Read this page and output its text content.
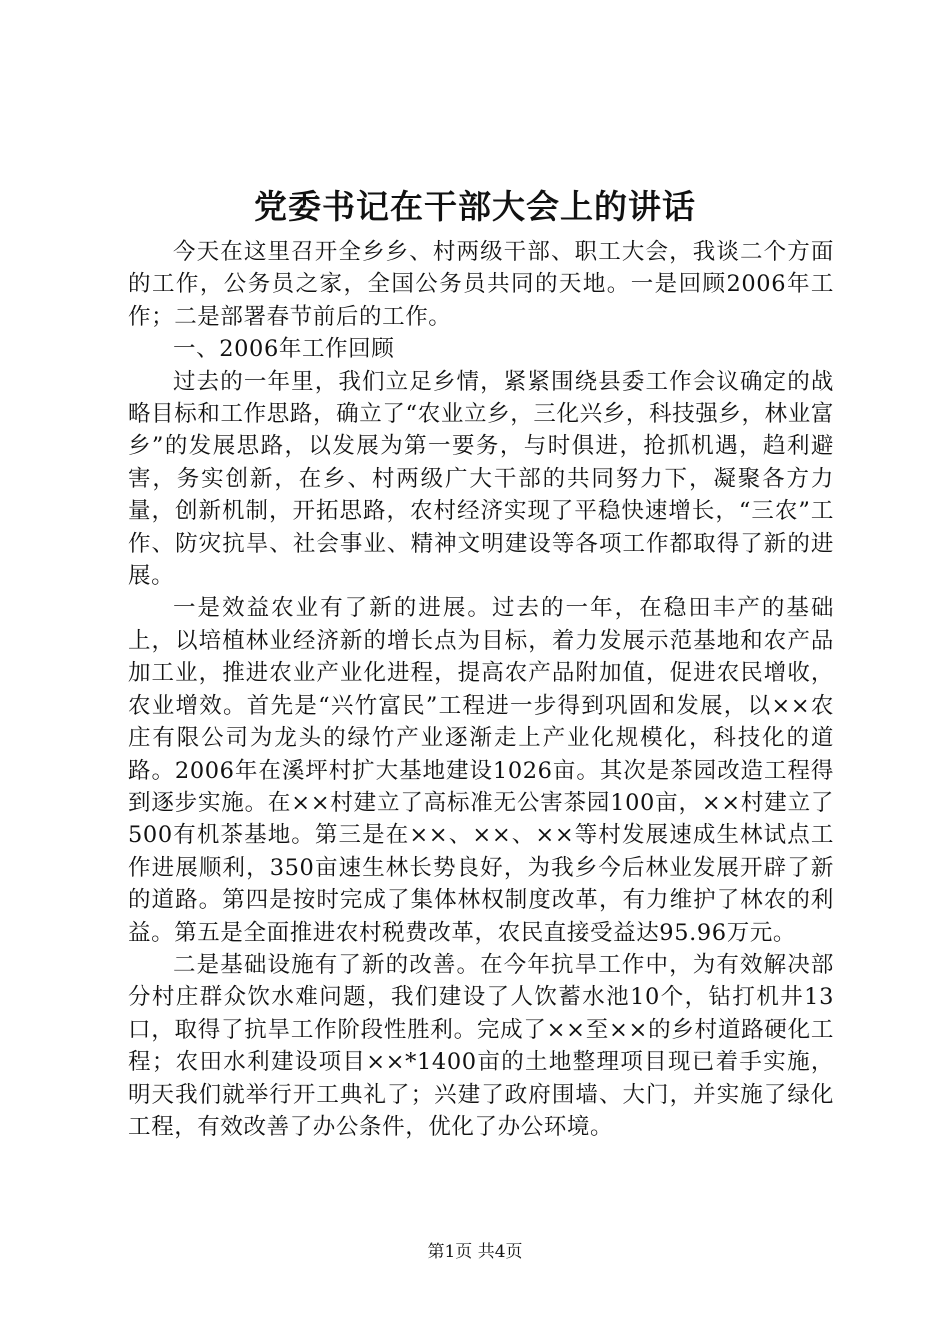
党委书记在干部大会上的讲话

今天在这里召开全乡乡、村两级干部、职工大会，我谈二个方面的工作，公务员之家，全国公务员共同的天地。一是回顾2006年工作；二是部署春节前后的工作。

一、2006年工作回顾

过去的一年里，我们立足乡情，紧紧围绕县委工作会议确定的战略目标和工作思路，确立了“农业立乡，三化兴乡，科技强乡，林业富乡”的发展思路，以发展为第一要务，与时俱进，抢抓机遇，趋利避害，务实创新，在乡、村两级广大干部的共同努力下，凝聚各方力量，创新机制，开拓思路，农村经济实现了平稳快速增长，“三农”工作、防灾抗旱、社会事业、精神文明建设等各项工作都取得了新的进展。

一是效益农业有了新的进展。过去的一年，在稳田丰产的基础上，以培植林业经济新的增长点为目标，着力发展示范基地和农产品加工业，推进农业产业化进程，提高农产品附加值，促进农民增收，农业增效。首先是“兴竹富民”工程进一步得到巩固和发展，以××农庄有限公司为龙头的绿竹产业逐渐走上产业化规模化，科技化的道路。2006年在溪坪村扩大基地建设1026亩。其次是茶园改造工程得到逐步实施。在××村建立了高标准无公害茶园100亩，××村建立了500有机茶基地。第三是在××、××、××等村发展速成生林试点工作进展顺利，350亩速生林长势良好，为我乡今后林业发展开辟了新的道路。第四是按时完成了集体林权制度改革，有力维护了林农的利益。第五是全面推进农村税费改革，农民直接受益达95.96万元。

二是基础设施有了新的改善。在今年抗旱工作中，为有效解决部分村庄群众饮水难问题，我们建设了人饮蓄水池10个，钻打机井13口，取得了抗旱工作阶段性胜利。完成了××至××的乡村道路硬化工程；农田水利建设项目××*1400亩的土地整理项目现已着手实施，明天我们就举行开工典礼了；兴建了政府围墙、大门，并实施了绿化工程，有效改善了办公条件，优化了办公环境。

第1页 共4页
